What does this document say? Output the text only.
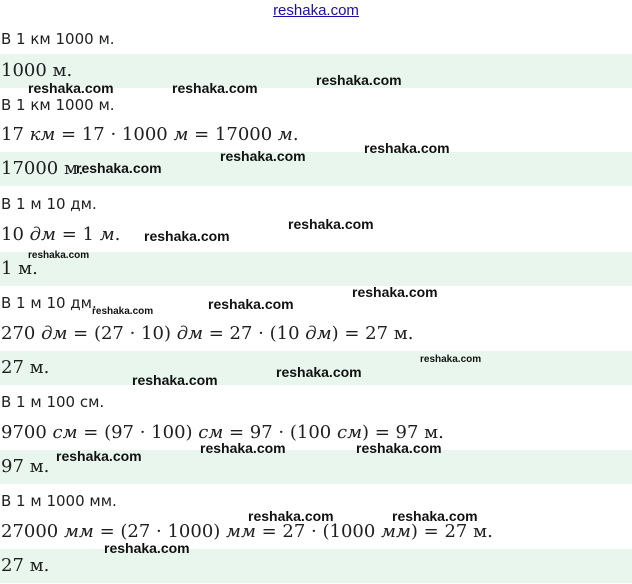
reshaka.com
В 1 км 1000 м.
1000 м.
В 1 км 1000 м.
17 км = 17 · 1000 м = 17000 м.
17000 м.
В 1 м 10 дм.
10 дм = 1 м.
1 м.
В 1 м 10 дм.
270 дм = (27 · 10) дм = 27 · (10 дм) = 27 м.
27 м.
В 1 м 100 см.
9700 см = (97 · 100) см = 97 · (100 см) = 97 м.
97 м.
В 1 м 1000 мм.
27000 мм = (27 · 1000) мм = 27 · (1000 мм) = 27 м.
27 м.
reshaka.com
reshaka.com	reshaka.com
reshaka.com
reshaka.com
reshaka.com
reshaka.com
reshaka.com
reshaka.com
reshaka.com
reshaka.com
reshaka.com
reshaka.com
reshaka.com
reshaka.com
reshaka.com	reshaka.com
reshaka.com
reshaka.com	reshaka.com
reshaka.com
